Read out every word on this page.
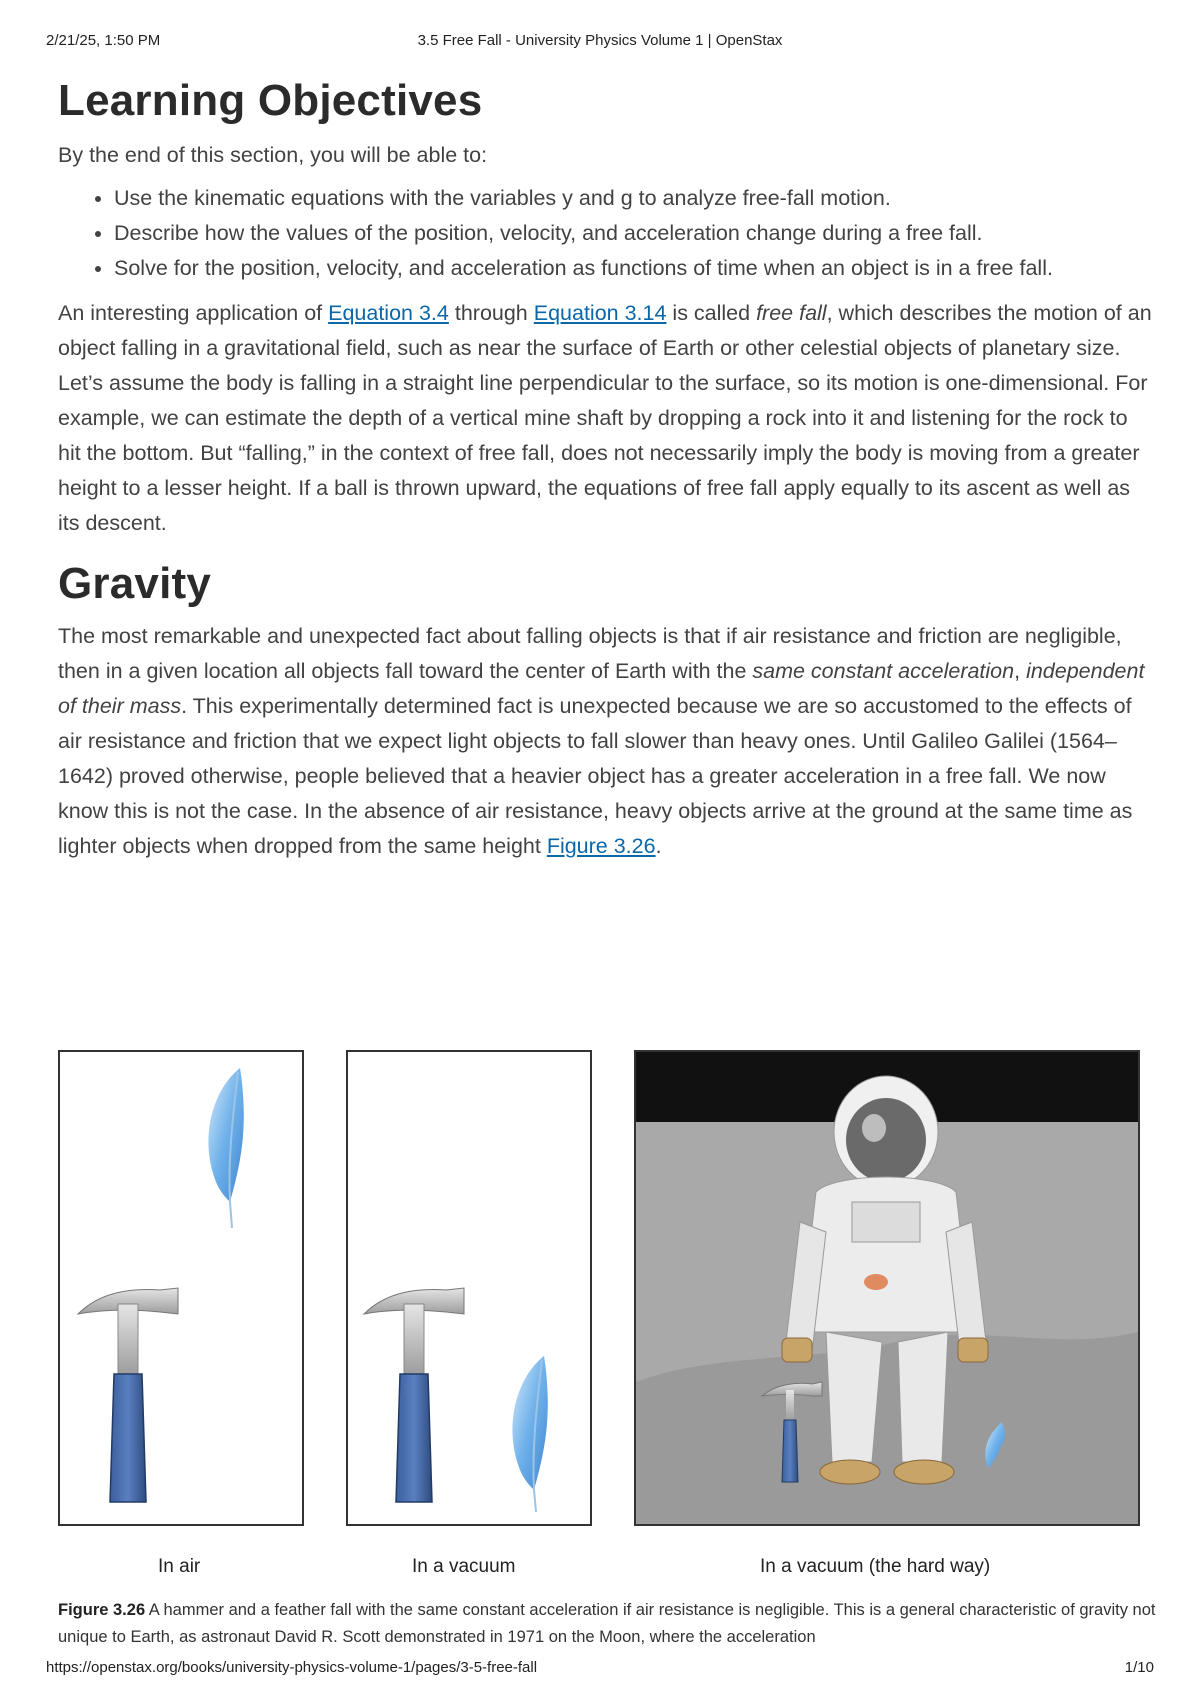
2/21/25, 1:50 PM	3.5 Free Fall - University Physics Volume 1 | OpenStax
Learning Objectives

By the end of this section, you will be able to:

• Use the kinematic equations with the variables y and g to analyze free-fall motion.
• Describe how the values of the position, velocity, and acceleration change during a free fall.
• Solve for the position, velocity, and acceleration as functions of time when an object is in a free fall.

An interesting application of Equation 3.4 through Equation 3.14 is called free fall, which describes the motion of an object falling in a gravitational field, such as near the surface of Earth or other celestial objects of planetary size. Let’s assume the body is falling in a straight line perpendicular to the surface, so its motion is one-dimensional. For example, we can estimate the depth of a vertical mine shaft by dropping a rock into it and listening for the rock to hit the bottom. But “falling,” in the context of free fall, does not necessarily imply the body is moving from a greater height to a lesser height. If a ball is thrown upward, the equations of free fall apply equally to its ascent as well as its descent.

Gravity

The most remarkable and unexpected fact about falling objects is that if air resistance and friction are negligible, then in a given location all objects fall toward the center of Earth with the same constant acceleration, independent of their mass. This experimentally determined fact is unexpected because we are so accustomed to the effects of air resistance and friction that we expect light objects to fall slower than heavy ones. Until Galileo Galilei (1564–1642) proved otherwise, people believed that a heavier object has a greater acceleration in a free fall. We now know this is not the case. In the absence of air resistance, heavy objects arrive at the ground at the same time as lighter objects when dropped from the same height Figure 3.26.

In air	In a vacuum	In a vacuum (the hard way)

Figure 3.26 A hammer and a feather fall with the same constant acceleration if air resistance is negligible. This is a general characteristic of gravity not unique to Earth, as astronaut David R. Scott demonstrated in 1971 on the Moon, where the acceleration

https://openstax.org/books/university-physics-volume-1/pages/3-5-free-fall	1/10
